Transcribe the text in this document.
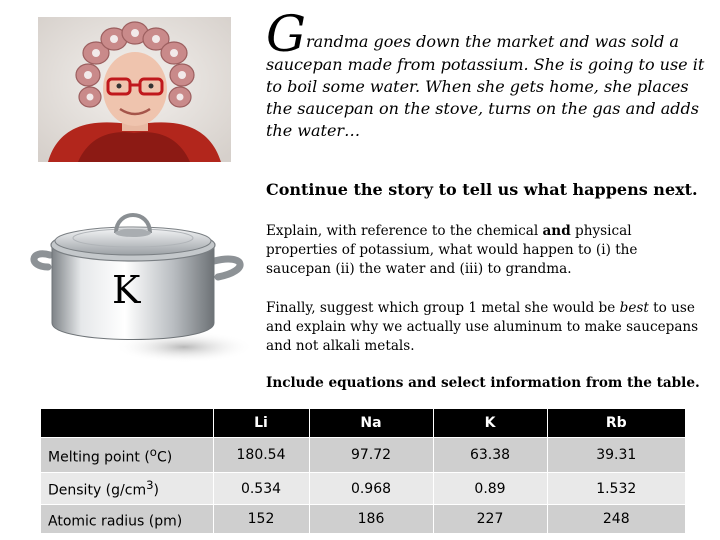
K

Grandma goes down the market and was sold a

saucepan made from potassium. She is going to use it to boil some water. When she gets home, she places the saucepan on the stove, turns on the gas and adds the water…

Continue the story to tell us what happens next.

Explain, with reference to the chemical and physical properties of potassium, what would happen to (i) the saucepan (ii) the water and (iii) to grandma.

Finally, suggest which group 1 metal she would be best to use and explain why we actually use aluminum to make saucepans and not alkali metals.

Include equations and select information from the table.

	Li	Na	K	Rb
Melting point ($^o$C)	180.54	97.72	63.38	39.31
Density $(g/cm^3)$	0.534	0.968	0.89	1.532
Atomic radius (pm)	152	186	227	248
